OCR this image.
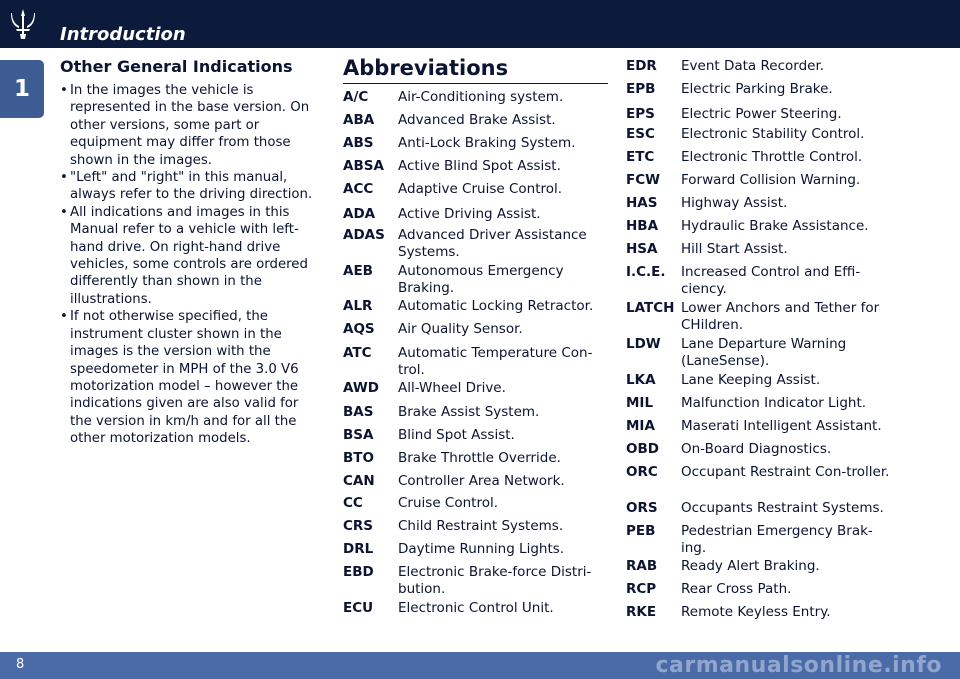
Introduction
1
Other General Indications
• In the images the vehicle is represented in the base version. On other versions, some part or equipment may differ from those shown in the images.
• "Left" and "right" in this manual, always refer to the driving direction.
• All indications and images in this Manual refer to a vehicle with left-hand drive. On right-hand drive vehicles, some controls are ordered differently than shown in the illustrations.
• If not otherwise specified, the instrument cluster shown in the images is the version with the speedometer in MPH of the 3.0 V6 motorization model – however the indications given are also valid for the version in km/h and for all the other motorization models.
Abbreviations
A/C Air-Conditioning system.
ABA Advanced Brake Assist.
ABS Anti-Lock Braking System.
ABSA Active Blind Spot Assist.
ACC Adaptive Cruise Control.
ADA Active Driving Assist.
ADAS Advanced Driver Assistance Systems.
AEB Autonomous Emergency Braking.
ALR Automatic Locking Retractor.
AQS Air Quality Sensor.
ATC Automatic Temperature Con-trol.
AWD All-Wheel Drive.
BAS Brake Assist System.
BSA Blind Spot Assist.
BTO Brake Throttle Override.
CAN Controller Area Network.
CC	Cruise Control.
CRS Child Restraint Systems.
DRL Daytime Running Lights.
EBD Electronic Brake-force Distri-bution.
ECU Electronic Control Unit.
EDR Event Data Recorder.
EPB Electric Parking Brake.
EPS Electric Power Steering.
ESC Electronic Stability Control.
ETC Electronic Throttle Control.
FCW Forward Collision Warning.
HAS Highway Assist.
HBA Hydraulic Brake Assistance.
HSA Hill Start Assist.
I.C.E. Increased Control and Effi-ciency.
LATCH Lower Anchors and Tether for CHildren.
LDW Lane Departure Warning (LaneSense).
LKA Lane Keeping Assist.
MIL Malfunction Indicator Light.
MIA Maserati Intelligent Assistant.
OBD On-Board Diagnostics.
ORC Occupant Restraint Con-troller.
ORS Occupants Restraint Systems.
PEB Pedestrian Emergency Brak-ing.
RAB Ready Alert Braking.
RCP Rear Cross Path.
RKE Remote Keyless Entry.
8	carmanualsonline.info
